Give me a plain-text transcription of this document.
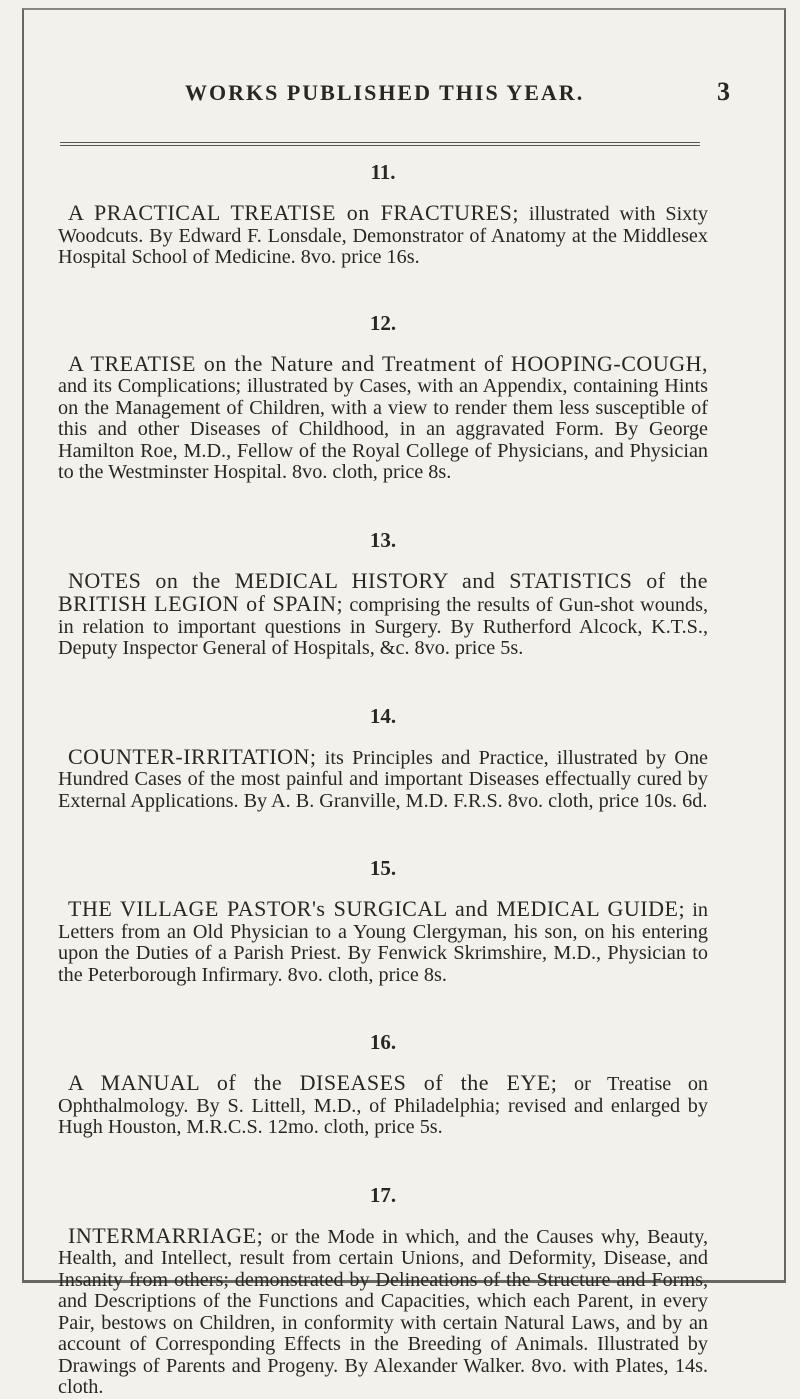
WORKS PUBLISHED THIS YEAR.	3
11.

A PRACTICAL TREATISE on FRACTURES; illustrated with Sixty Woodcuts. By Edward F. Lonsdale, Demonstrator of Anatomy at the Middlesex Hospital School of Medicine. 8vo. price 16s.

12.

A TREATISE on the Nature and Treatment of HOOPING-COUGH, and its Complications; illustrated by Cases, with an Appendix, containing Hints on the Management of Children, with a view to render them less susceptible of this and other Diseases of Childhood, in an aggravated Form. By George Hamilton Roe, M.D., Fellow of the Royal College of Physicians, and Physician to the Westminster Hospital. 8vo. cloth, price 8s.

13.

NOTES on the MEDICAL HISTORY and STATISTICS of the BRITISH LEGION of SPAIN; comprising the results of Gun-shot wounds, in relation to important questions in Surgery. By Rutherford Alcock, K.T.S., Deputy Inspector General of Hospitals, &c. 8vo. price 5s.

14.

COUNTER-IRRITATION; its Principles and Practice, illustrated by One Hundred Cases of the most painful and important Diseases effectually cured by External Applications. By A. B. Granville, M.D. F.R.S. 8vo. cloth, price 10s. 6d.

15.

THE VILLAGE PASTOR's SURGICAL and MEDICAL GUIDE; in Letters from an Old Physician to a Young Clergyman, his son, on his entering upon the Duties of a Parish Priest. By Fenwick Skrimshire, M.D., Physician to the Peterborough Infirmary. 8vo. cloth, price 8s.

16.

A MANUAL of the DISEASES of the EYE; or Treatise on Ophthalmology. By S. Littell, M.D., of Philadelphia; revised and enlarged by Hugh Houston, M.R.C.S. 12mo. cloth, price 5s.

17.

INTERMARRIAGE; or the Mode in which, and the Causes why, Beauty, Health, and Intellect, result from certain Unions, and Deformity, Disease, and Insanity from others; demonstrated by Delineations of the Structure and Forms, and Descriptions of the Functions and Capacities, which each Parent, in every Pair, bestows on Children, in conformity with certain Natural Laws, and by an account of Corresponding Effects in the Breeding of Animals. Illustrated by Drawings of Parents and Progeny. By Alexander Walker. 8vo. with Plates, 14s. cloth.
